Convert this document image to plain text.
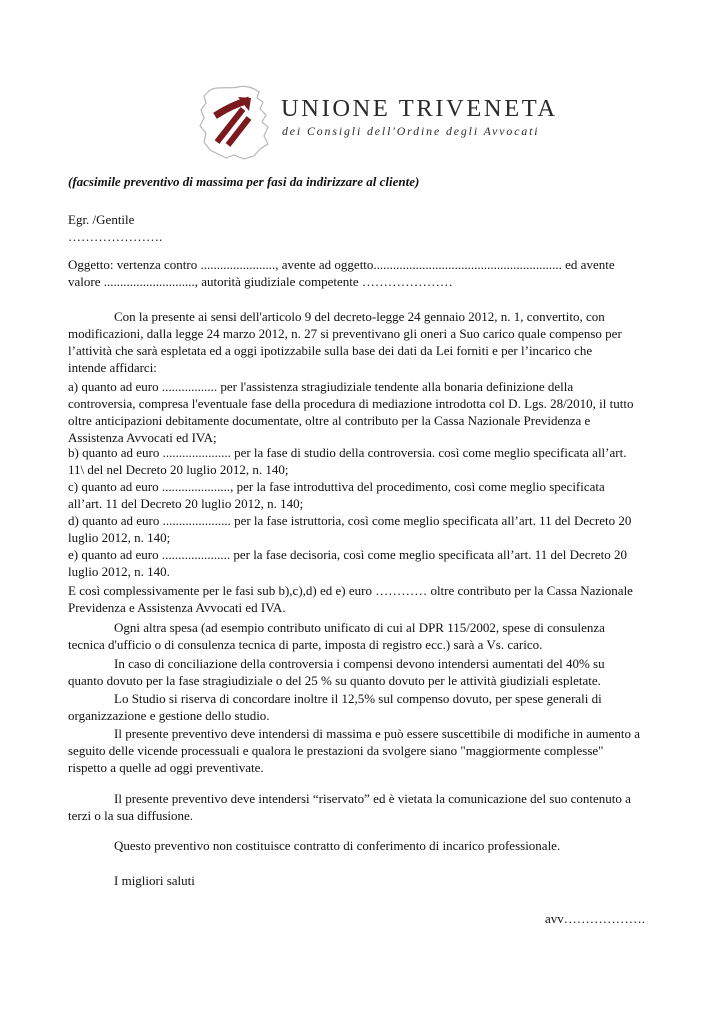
UNIONE TRIVENETA
dei Consigli dell'Ordine degli Avvocati
(facsimile preventivo di massima per fasi da indirizzare al cliente)
Egr. /Gentile
………………….
Oggetto: vertenza contro ......................., avente ad oggetto.......................................................... ed avente
valore ............................, autorità giudiziale competente …………………
Con la presente ai sensi dell'articolo 9 del decreto-legge 24 gennaio 2012, n. 1, convertito, con
modificazioni, dalla legge 24 marzo 2012, n. 27 si preventivano gli oneri a Suo carico quale compenso per
l’attività che sarà espletata ed a oggi ipotizzabile sulla base dei dati da Lei forniti e per l’incarico che
intende affidarci:
a) quanto ad euro ................. per l'assistenza stragiudiziale tendente alla bonaria definizione della
controversia, compresa l'eventuale fase della procedura di mediazione introdotta col D. Lgs. 28/2010, il tutto
oltre anticipazioni debitamente documentate, oltre al contributo per la Cassa Nazionale Previdenza e
Assistenza Avvocati ed IVA;
b) quanto ad euro ..................... per la fase di studio della controversia. così come meglio specificata all’art.
11\ del nel Decreto 20 luglio 2012, n. 140;
c) quanto ad euro ....................., per la fase introduttiva del procedimento, così come meglio specificata
all’art. 11 del Decreto 20 luglio 2012, n. 140;
d) quanto ad euro ..................... per la fase istruttoria, così come meglio specificata all’art. 11 del Decreto 20
luglio 2012, n. 140;
e) quanto ad euro ..................... per la fase decisoria, così come meglio specificata all’art. 11 del Decreto 20
luglio 2012, n. 140.
E così complessivamente per le fasi sub b),c),d) ed e) euro ………… oltre contributo per la Cassa Nazionale
Previdenza e Assistenza Avvocati ed IVA.
Ogni altra spesa (ad esempio contributo unificato di cui al DPR 115/2002, spese di consulenza
tecnica d'ufficio o di consulenza tecnica di parte, imposta di registro ecc.) sarà a Vs. carico.
In caso di conciliazione della controversia i compensi devono intendersi aumentati del 40% su
quanto dovuto per la fase stragiudiziale o del 25 % su quanto dovuto per le attività giudiziali espletate.
Lo Studio si riserva di concordare inoltre il 12,5% sul compenso dovuto, per spese generali di
organizzazione e gestione dello studio.
Il presente preventivo deve intendersi di massima e può essere suscettibile di modifiche in aumento a
seguito delle vicende processuali e qualora le prestazioni da svolgere siano "maggiormente complesse"
rispetto a quelle ad oggi preventivate.
Il presente preventivo deve intendersi “riservato” ed è vietata la comunicazione del suo contenuto a
terzi o la sua diffusione.
Questo preventivo non costituisce contratto di conferimento di incarico professionale.
I migliori saluti
avv……………….
